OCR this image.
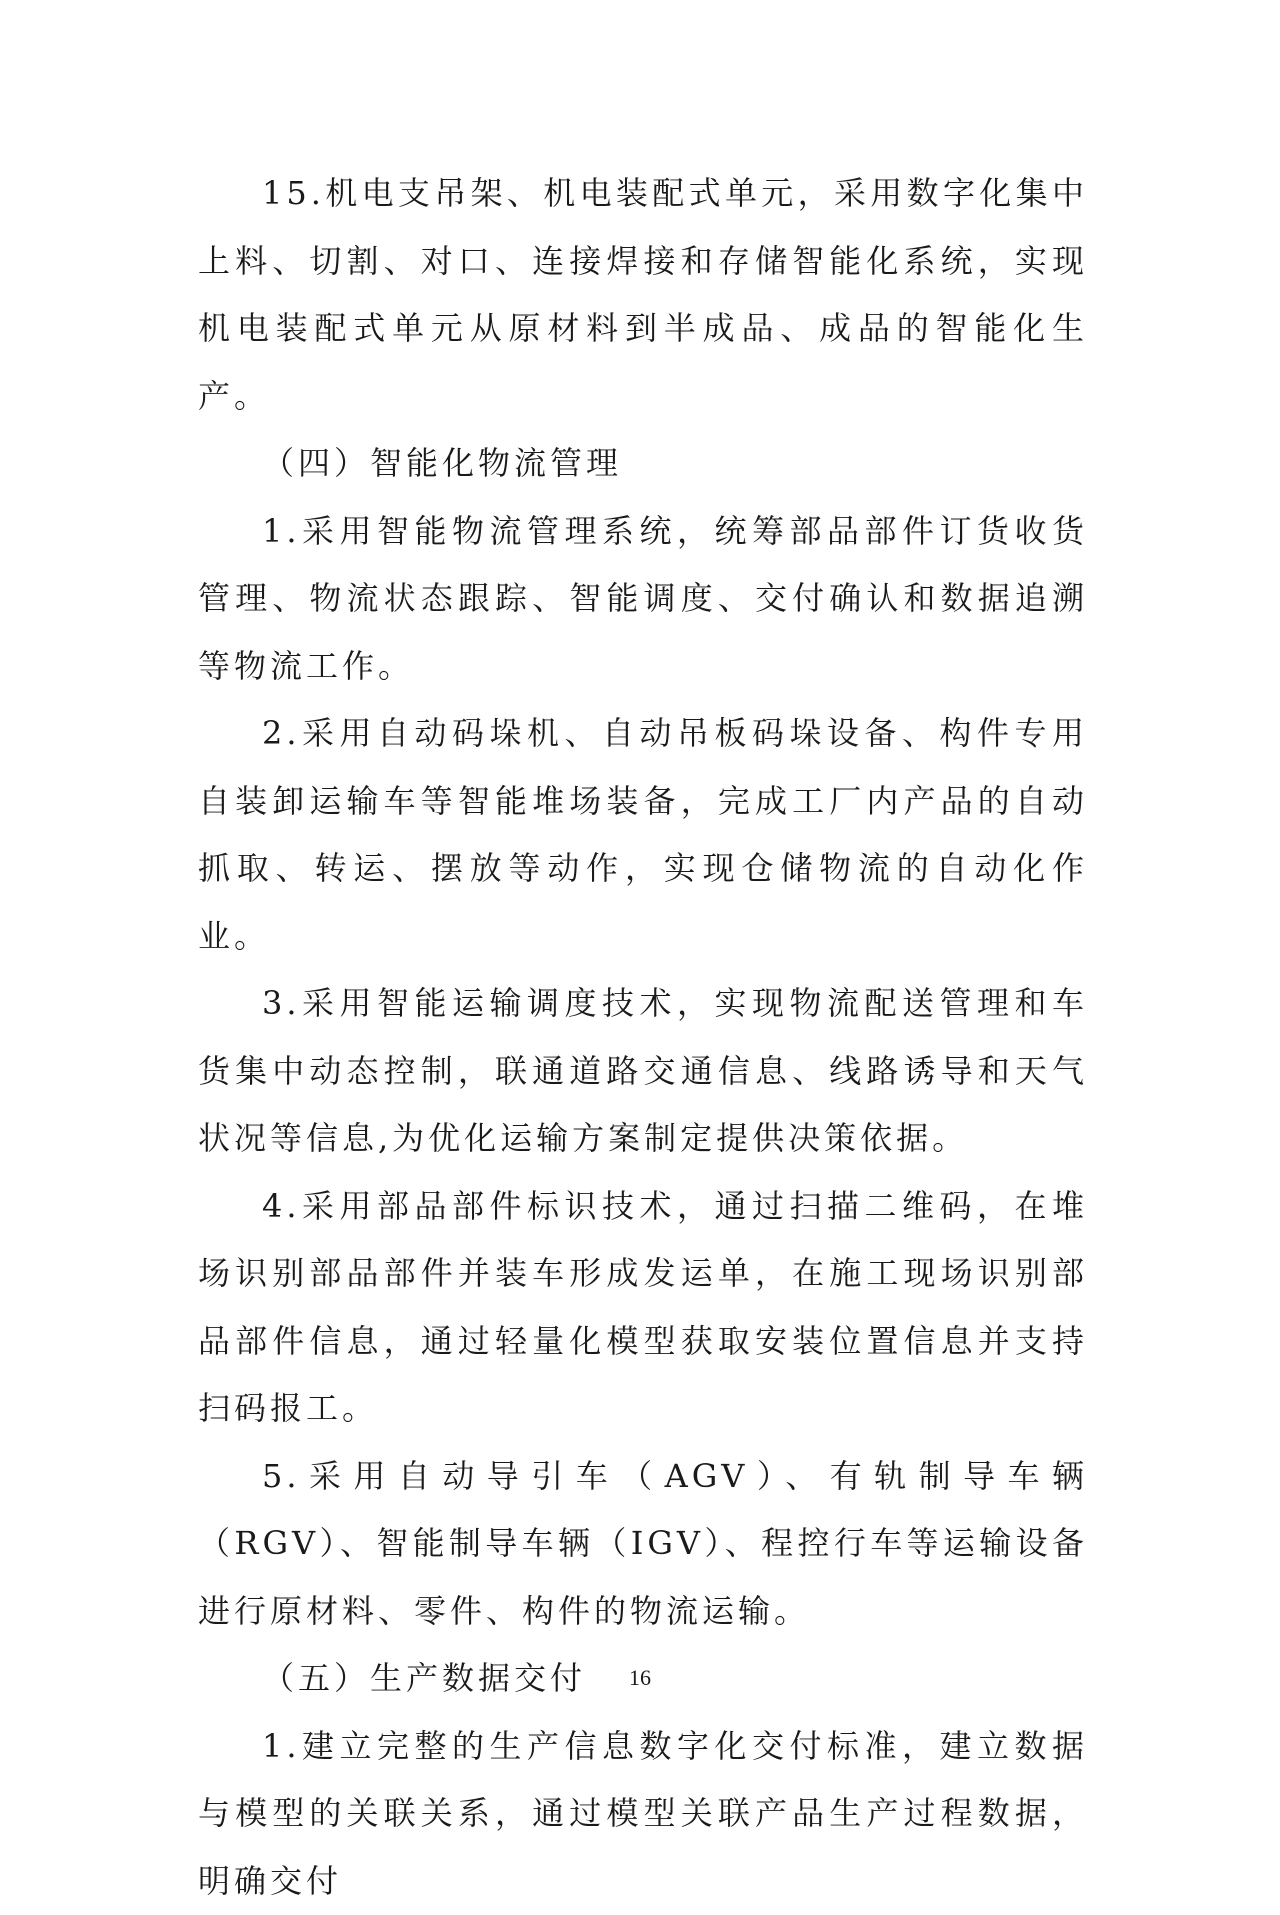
15.机电支吊架、机电装配式单元，采用数字化集中上料、切割、对口、连接焊接和存储智能化系统，实现机电装配式单元从原材料到半成品、成品的智能化生产。

（四）智能化物流管理

1.采用智能物流管理系统，统筹部品部件订货收货管理、物流状态跟踪、智能调度、交付确认和数据追溯等物流工作。

2.采用自动码垛机、自动吊板码垛设备、构件专用自装卸运输车等智能堆场装备，完成工厂内产品的自动抓取、转运、摆放等动作，实现仓储物流的自动化作业。

3.采用智能运输调度技术，实现物流配送管理和车货集中动态控制，联通道路交通信息、线路诱导和天气状况等信息,为优化运输方案制定提供决策依据。

4.采用部品部件标识技术，通过扫描二维码，在堆场识别部品部件并装车形成发运单，在施工现场识别部品部件信息，通过轻量化模型获取安装位置信息并支持扫码报工。

5.采用自动导引车（AGV）、有轨制导车辆（RGV）、智能制导车辆（IGV）、程控行车等运输设备进行原材料、零件、构件的物流运输。

（五）生产数据交付

1.建立完整的生产信息数字化交付标准，建立数据与模型的关联关系，通过模型关联产品生产过程数据，明确交付

16
